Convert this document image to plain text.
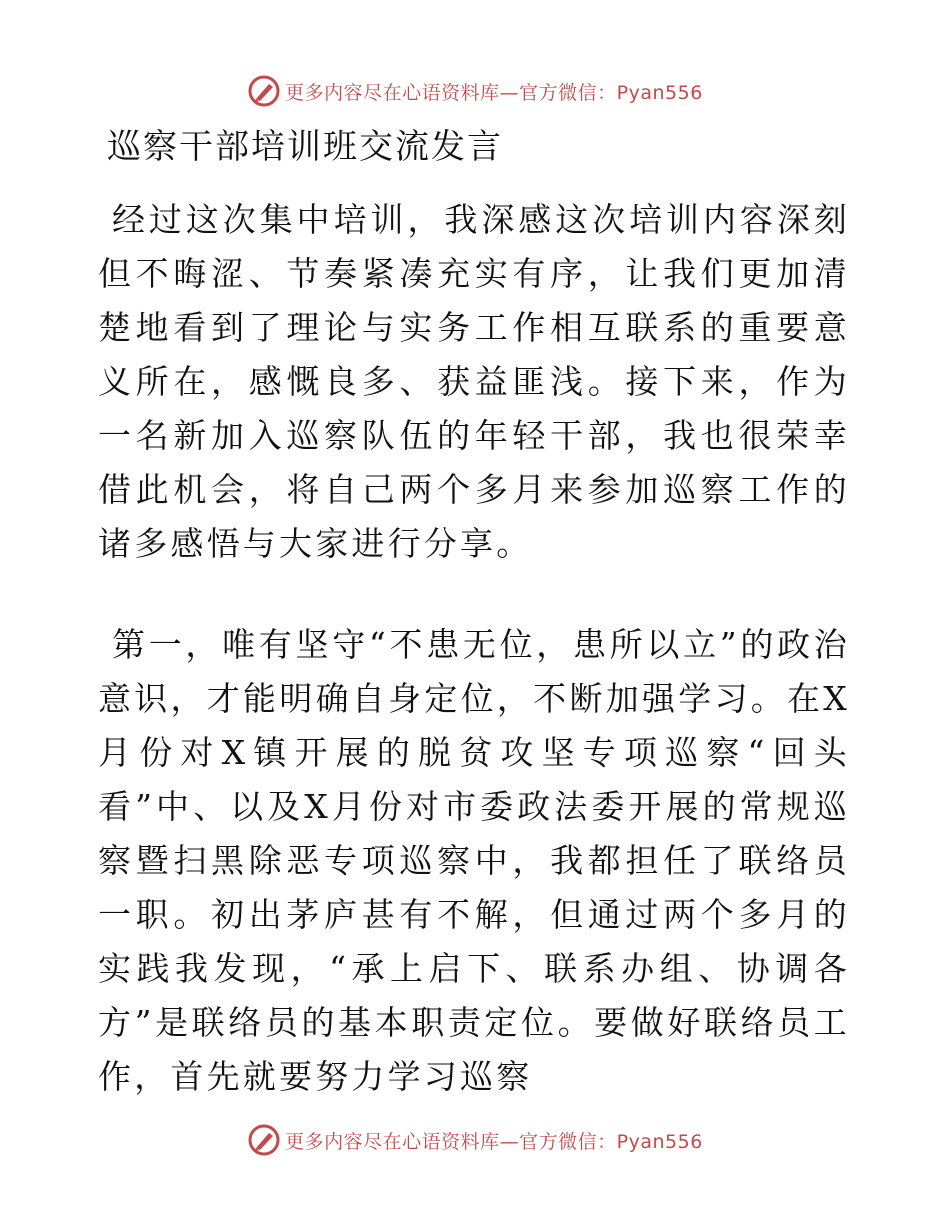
更多内容尽在心语资料库—官方微信：Pyan556
巡察干部培训班交流发言

经过这次集中培训，我深感这次培训内容深刻但不晦涩、节奏紧凑充实有序，让我们更加清楚地看到了理论与实务工作相互联系的重要意义所在，感慨良多、获益匪浅。接下来，作为一名新加入巡察队伍的年轻干部，我也很荣幸借此机会，将自己两个多月来参加巡察工作的诸多感悟与大家进行分享。

第一，唯有坚守“不患无位，患所以立”的政治意识，才能明确自身定位，不断加强学习。在X月份对X镇开展的脱贫攻坚专项巡察“回头看”中、以及X月份对市委政法委开展的常规巡察暨扫黑除恶专项巡察中，我都担任了联络员一职。初出茅庐甚有不解，但通过两个多月的实践我发现，“承上启下、联系办组、协调各方”是联络员的基本职责定位。要做好联络员工作，首先就要努力学习巡察

更多内容尽在心语资料库—官方微信：Pyan556
